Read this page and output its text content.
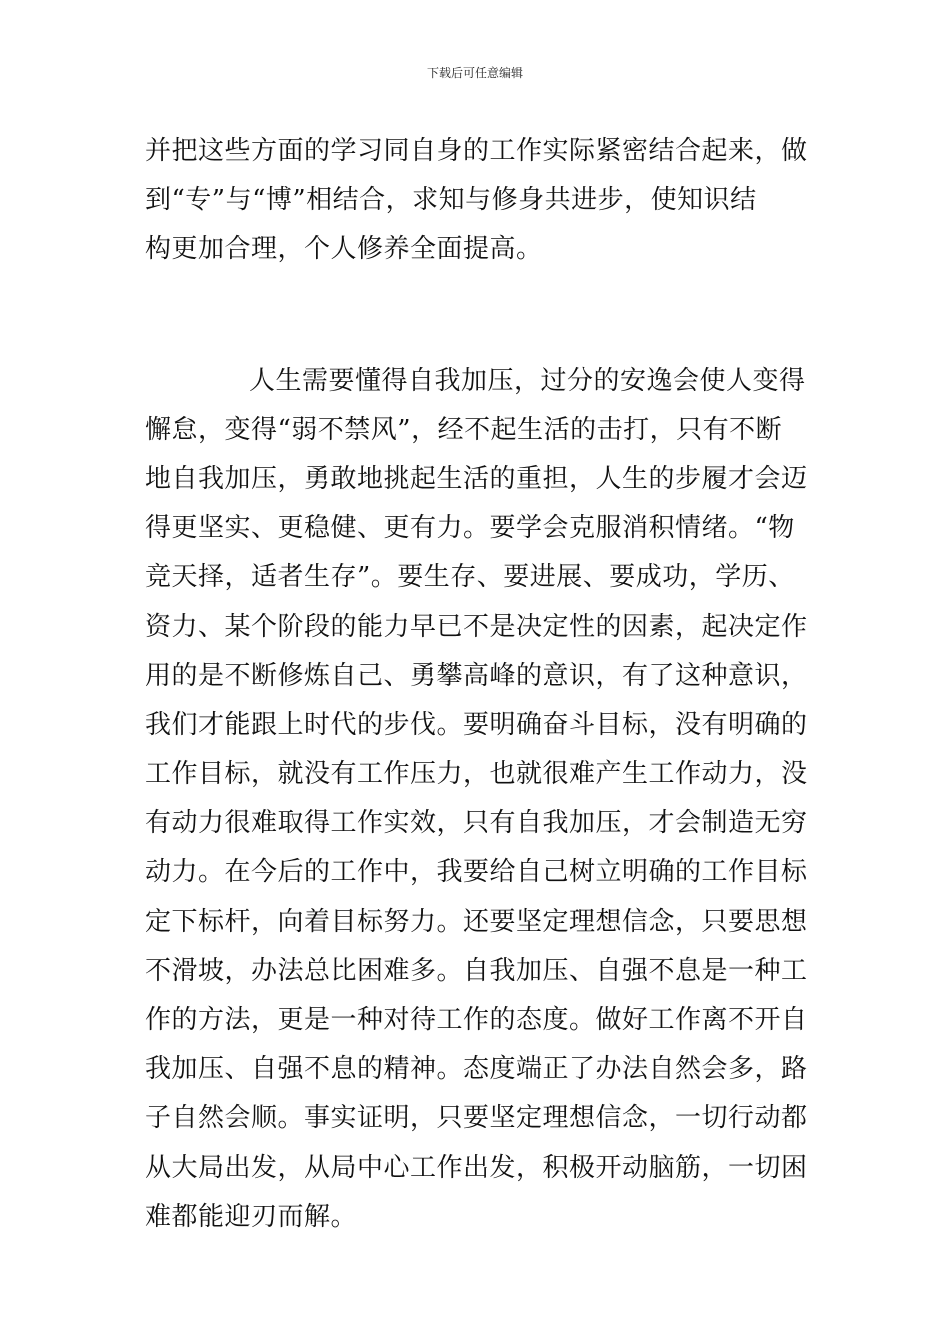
下载后可任意编辑
并把这些方面的学习同自身的工作实际紧密结合起来，做
到“专”与“博”相结合，求知与修身共进步，使知识结
构更加合理，个人修养全面提高。
人生需要懂得自我加压，过分的安逸会使人变得
懈怠，变得“弱不禁风”，经不起生活的击打，只有不断
地自我加压，勇敢地挑起生活的重担，人生的步履才会迈
得更坚实、更稳健、更有力。要学会克服消积情绪。“物
竞天择，适者生存”。要生存、要进展、要成功，学历、
资力、某个阶段的能力早已不是决定性的因素，起决定作
用的是不断修炼自己、勇攀高峰的意识，有了这种意识，
我们才能跟上时代的步伐。要明确奋斗目标，没有明确的
工作目标，就没有工作压力，也就很难产生工作动力，没
有动力很难取得工作实效，只有自我加压，才会制造无穷
动力。在今后的工作中，我要给自己树立明确的工作目标
定下标杆，向着目标努力。还要坚定理想信念，只要思想
不滑坡，办法总比困难多。自我加压、自强不息是一种工
作的方法，更是一种对待工作的态度。做好工作离不开自
我加压、自强不息的精神。态度端正了办法自然会多，路
子自然会顺。事实证明，只要坚定理想信念，一切行动都
从大局出发，从局中心工作出发，积极开动脑筋，一切困
难都能迎刃而解。
